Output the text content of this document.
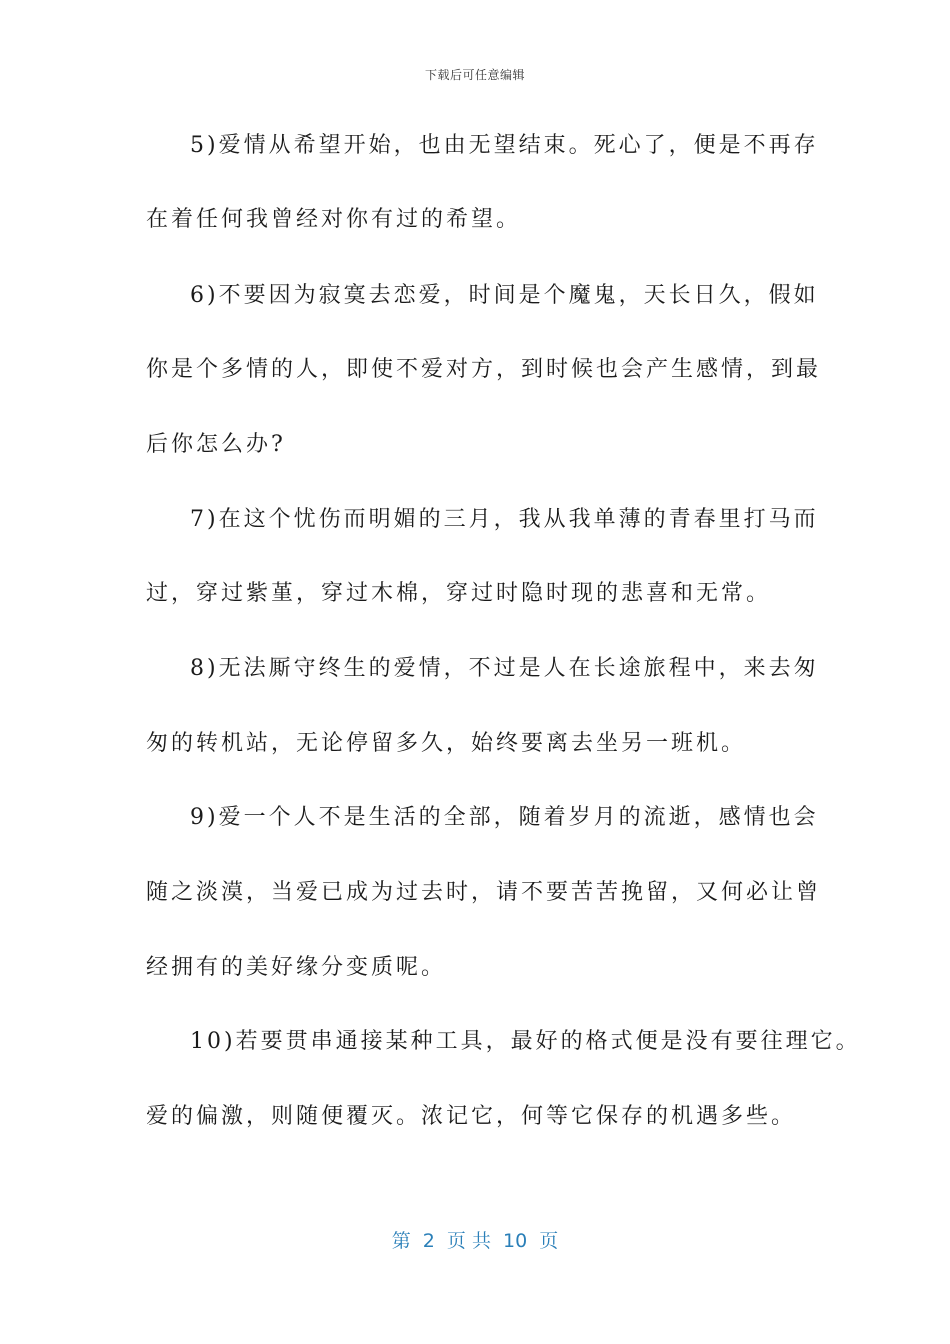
下载后可任意编辑
5)爱情从希望开始，也由无望结束。死心了，便是不再存
在着任何我曾经对你有过的希望。
6)不要因为寂寞去恋爱，时间是个魔鬼，天长日久，假如
你是个多情的人，即使不爱对方，到时候也会产生感情，到最
后你怎么办?
7)在这个忧伤而明媚的三月，我从我单薄的青春里打马而
过，穿过紫堇，穿过木棉，穿过时隐时现的悲喜和无常。
8)无法厮守终生的爱情，不过是人在长途旅程中，来去匆
匆的转机站，无论停留多久，始终要离去坐另一班机。
9)爱一个人不是生活的全部，随着岁月的流逝，感情也会
随之淡漠，当爱已成为过去时，请不要苦苦挽留，又何必让曾
经拥有的美好缘分变质呢。
10)若要贯串通接某种工具，最好的格式便是没有要往理它。
爱的偏激，则随便覆灭。浓记它，何等它保存的机遇多些。
第  2  页 共  10  页
